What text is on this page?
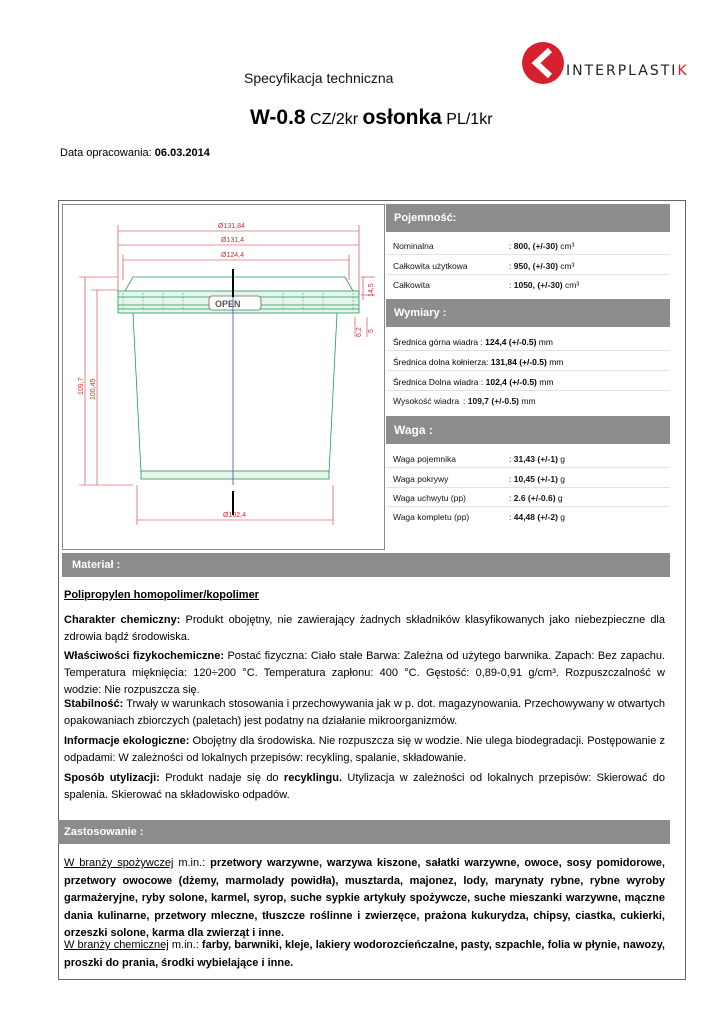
INTERPLASTIK
Specyfikacja techniczna
W-0.8 CZ/2kr osłonka PL/1kr
Data opracowania: 06.03.2014
Ø131,84
Ø131,4
Ø124,4
Ø102,4
109,7 100,45
14,5
6,2 5
OPEN
Pojemność:
Nominalna	: 800, (+/-30) cm³
Całkowita użytkowa	: 950, (+/-30) cm³
Całkowita	: 1050, (+/-30) cm³
Wymiary :
Średnica górna wiadra : 124,4 (+/-0.5) mm
Średnica dolna kołnierza: 131,84 (+/-0.5) mm
Średnica Dolna wiadra : 102,4 (+/-0.5) mm
Wysokość wiadra : 109,7 (+/-0.5) mm
Waga :
Waga pojemnika	: 31,43 (+/-1) g
Waga pokrywy	: 10,45 (+/-1) g
Waga uchwytu (pp)	: 2.6 (+/-0.6) g
Waga kompletu (pp)	: 44,48 (+/-2) g
Materiał :
Polipropylen homopolimer/kopolimer
Charakter chemiczny: Produkt obojętny, nie zawierający żadnych składników klasyfikowanych jako niebezpieczne dla zdrowia bądź środowiska.
Właściwości fizykochemiczne: Postać fizyczna: Ciało stałe Barwa: Zależna od użytego barwnika. Zapach: Bez zapachu. Temperatura mięknięcia: 120÷200 °C. Temperatura zapłonu: 400 °C. Gęstość: 0,89-0,91 g/cm³. Rozpuszczalność w wodzie: Nie rozpuszcza się.
Stabilność: Trwały w warunkach stosowania i przechowywania jak w p. dot. magazynowania. Przechowywany w otwartych opakowaniach zbiorczych (paletach) jest podatny na działanie mikroorganizmów.
Informacje ekologiczne: Obojętny dla środowiska. Nie rozpuszcza się w wodzie. Nie ulega biodegradacji. Postępowanie z odpadami: W zależności od lokalnych przepisów: recykling, spalanie, składowanie.
Sposób utylizacji: Produkt nadaje się do recyklingu. Utylizacja w zależności od lokalnych przepisów: Skierować do spalenia. Skierować na składowisko odpadów.
Zastosowanie :
W branży spożywczej m.in.: przetwory warzywne, warzywa kiszone, sałatki warzywne, owoce, sosy pomidorowe, przetwory owocowe (dżemy, marmolady powidła), musztarda, majonez, lody, marynaty rybne, rybne wyroby garmażeryjne, ryby solone, karmel, syrop, suche sypkie artykuły spożywcze, suche mieszanki warzywne, mączne dania kulinarne, przetwory mleczne, tłuszcze roślinne i zwierzęce, prażona kukurydza, chipsy, ciastka, cukierki, orzeszki solone, karma dla zwierząt i inne.
W branży chemicznej m.in.: farby, barwniki, kleje, lakiery wodorozcieńczalne, pasty, szpachle, folia w płynie, nawozy, proszki do prania, środki wybielające i inne.
